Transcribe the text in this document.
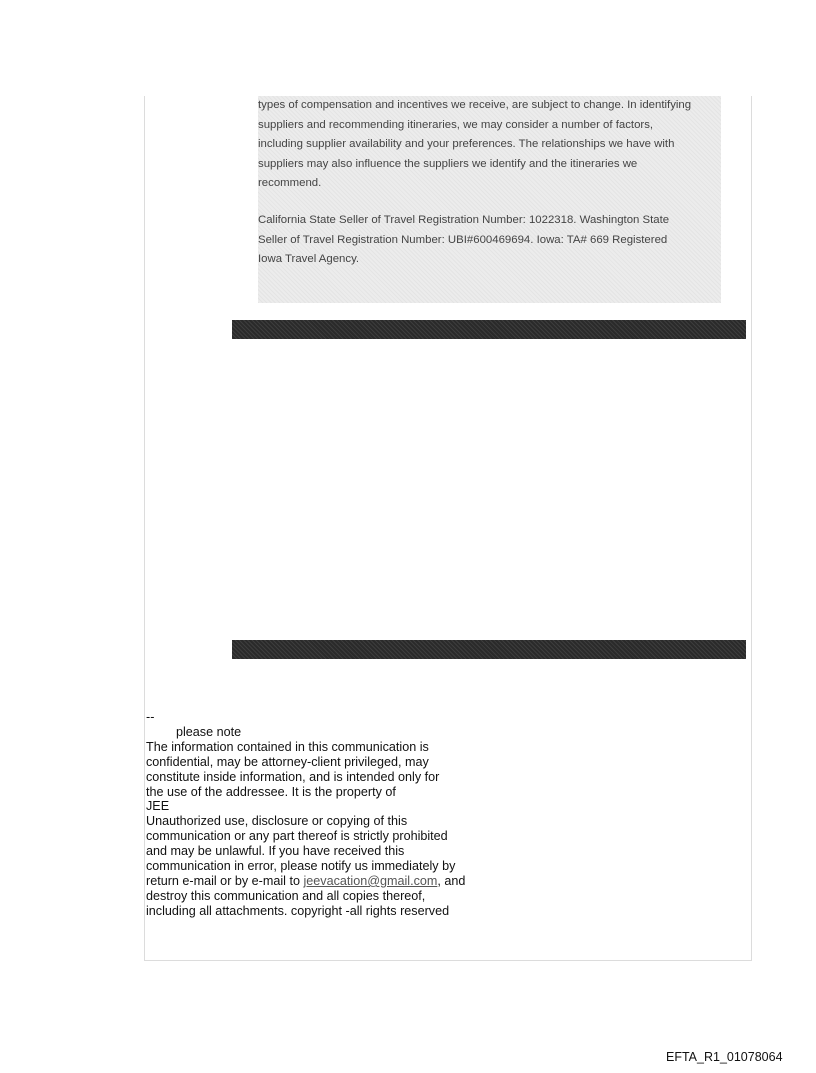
types of compensation and incentives we receive, are subject to change. In identifying
suppliers and recommending itineraries, we may consider a number of factors,
including supplier availability and your preferences. The relationships we have with
suppliers may also influence the suppliers we identify and the itineraries we
recommend.

California State Seller of Travel Registration Number: 1022318. Washington State
Seller of Travel Registration Number: UBI#600469694. Iowa: TA# 669 Registered
Iowa Travel Agency.

--
please note
The information contained in this communication is
confidential, may be attorney-client privileged, may
constitute inside information, and is intended only for
the use of the addressee. It is the property of
JEE
Unauthorized use, disclosure or copying of this
communication or any part thereof is strictly prohibited
and may be unlawful. If you have received this
communication in error, please notify us immediately by
return e-mail or by e-mail to jeevacation@gmail.com, and
destroy this communication and all copies thereof,
including all attachments. copyright -all rights reserved
EFTA_R1_01078064
